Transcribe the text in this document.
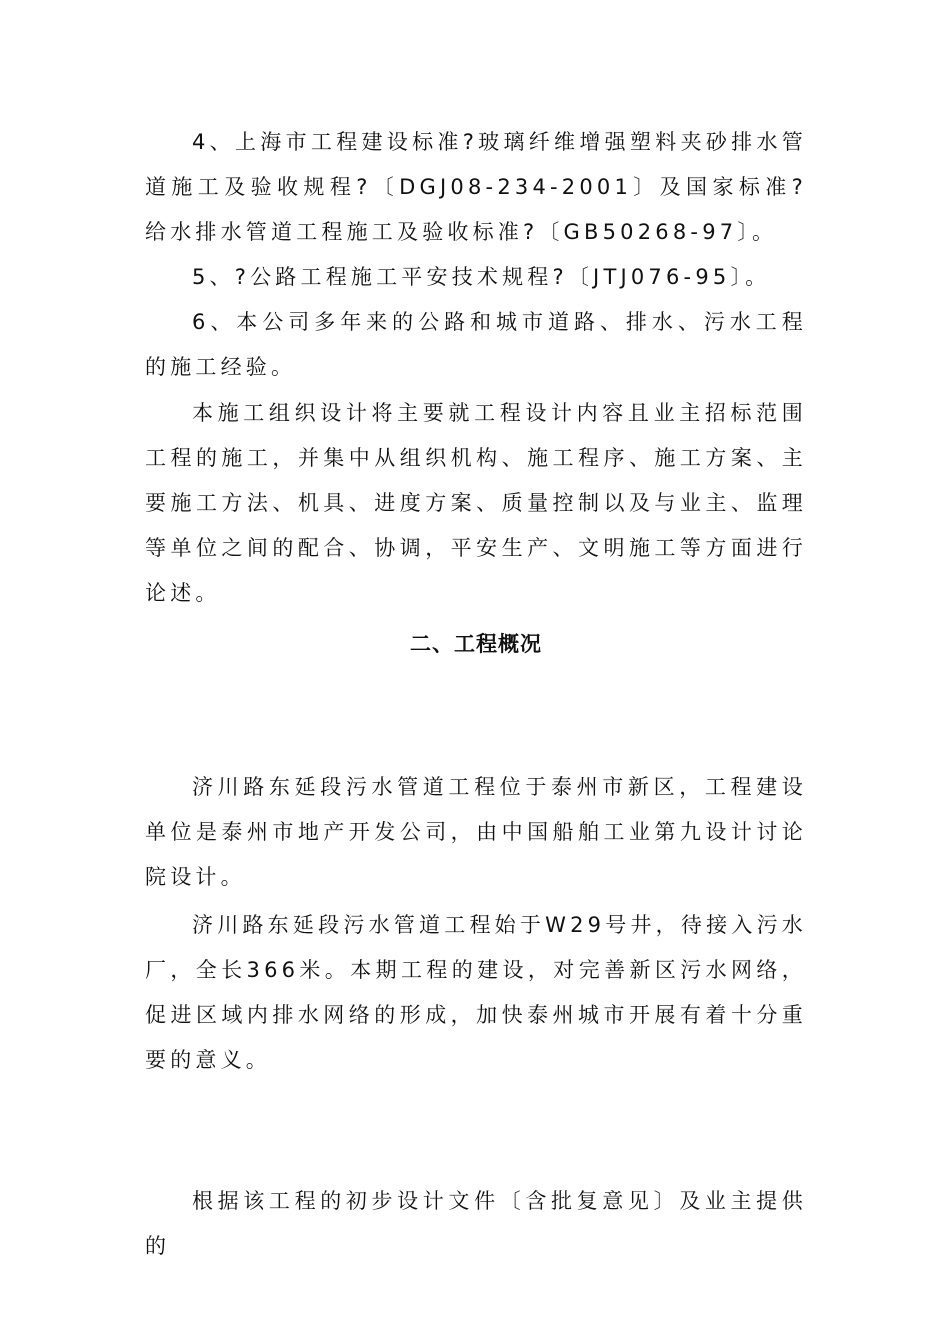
4、上海市工程建设标准?玻璃纤维增强塑料夹砂排水管道施工及验收规程?〔DGJ08-234-2001〕及国家标准?给水排水管道工程施工及验收标准?〔GB50268-97〕。

5、?公路工程施工平安技术规程?〔JTJ076-95〕。

6、本公司多年来的公路和城市道路、排水、污水工程的施工经验。

本施工组织设计将主要就工程设计内容且业主招标范围工程的施工，并集中从组织机构、施工程序、施工方案、主要施工方法、机具、进度方案、质量控制以及与业主、监理等单位之间的配合、协调，平安生产、文明施工等方面进行论述。

二、工程概况

济川路东延段污水管道工程位于泰州市新区，工程建设单位是泰州市地产开发公司，由中国船舶工业第九设计讨论院设计。

济川路东延段污水管道工程始于W29号井，待接入污水厂，全长366米。本期工程的建设，对完善新区污水网络，促进区域内排水网络的形成，加快泰州城市开展有着十分重要的意义。

根据该工程的初步设计文件〔含批复意见〕及业主提供的
